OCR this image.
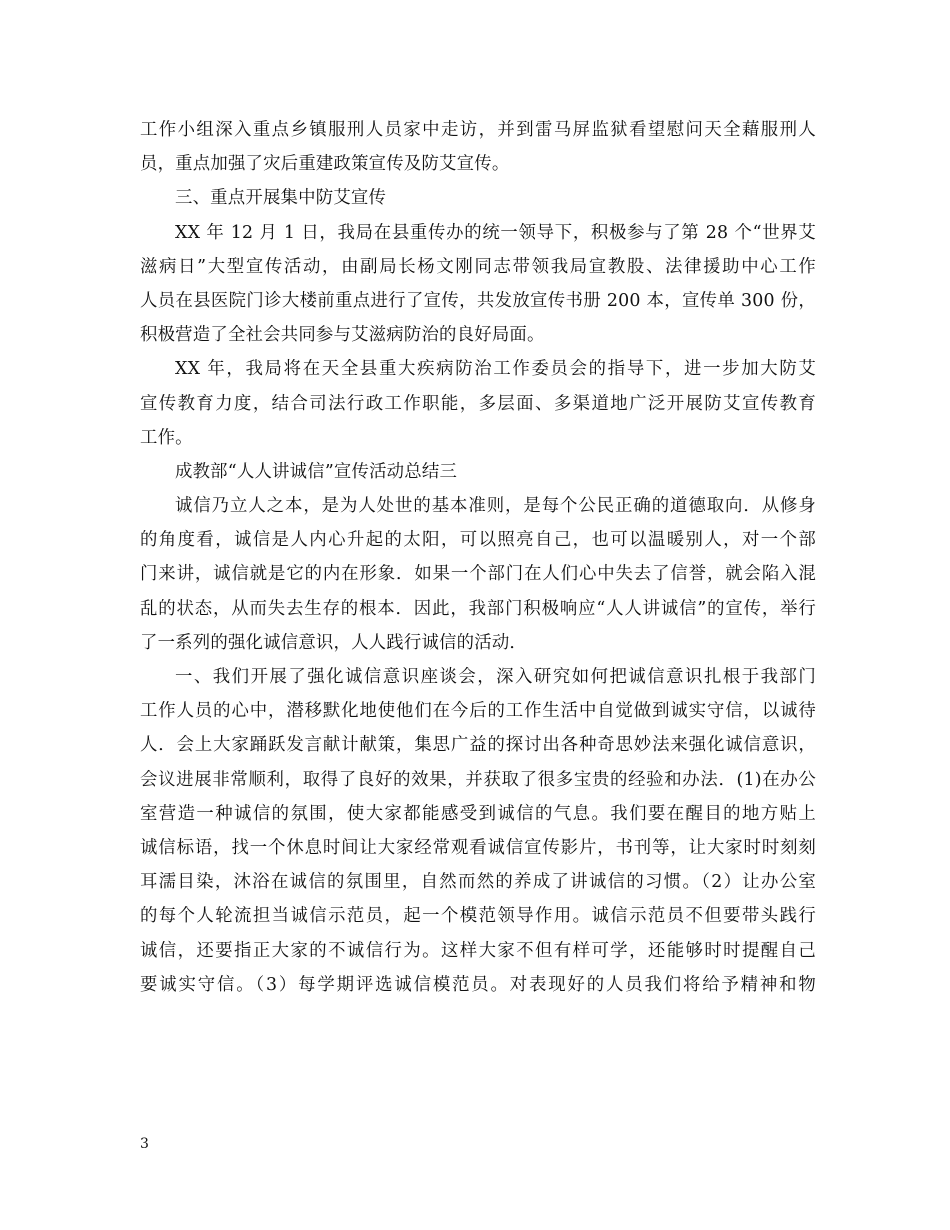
工作小组深入重点乡镇服刑人员家中走访，并到雷马屏监狱看望慰问天全藉服刑人
员，重点加强了灾后重建政策宣传及防艾宣传。
三、重点开展集中防艾宣传
XX 年 12 月 1 日，我局在县重传办的统一领导下，积极参与了第 28 个“世界艾
滋病日”大型宣传活动，由副局长杨文刚同志带领我局宣教股、法律援助中心工作
人员在县医院门诊大楼前重点进行了宣传，共发放宣传书册 200 本，宣传单 300 份，
积极营造了全社会共同参与艾滋病防治的良好局面。
XX 年，我局将在天全县重大疾病防治工作委员会的指导下，进一步加大防艾
宣传教育力度，结合司法行政工作职能，多层面、多渠道地广泛开展防艾宣传教育
工作。
成教部“人人讲诚信”宣传活动总结三
诚信乃立人之本，是为人处世的基本准则，是每个公民正确的道德取向．从修身
的角度看，诚信是人内心升起的太阳，可以照亮自己，也可以温暖别人，对一个部
门来讲，诚信就是它的内在形象．如果一个部门在人们心中失去了信誉，就会陷入混
乱的状态，从而失去生存的根本．因此，我部门积极响应“人人讲诚信”的宣传，举行
了一系列的强化诚信意识，人人践行诚信的活动．
一、我们开展了强化诚信意识座谈会，深入研究如何把诚信意识扎根于我部门
工作人员的心中，潜移默化地使他们在今后的工作生活中自觉做到诚实守信，以诚待
人．会上大家踊跃发言献计献策，集思广益的探讨出各种奇思妙法来强化诚信意识，
会议进展非常顺利，取得了良好的效果，并获取了很多宝贵的经验和办法．(1)在办公
室营造一种诚信的氛围，使大家都能感受到诚信的气息。我们要在醒目的地方贴上
诚信标语，找一个休息时间让大家经常观看诚信宣传影片，书刊等，让大家时时刻刻
耳濡目染，沐浴在诚信的氛围里，自然而然的养成了讲诚信的习惯。（2）让办公室
的每个人轮流担当诚信示范员，起一个模范领导作用。诚信示范员不但要带头践行
诚信，还要指正大家的不诚信行为。这样大家不但有样可学，还能够时时提醒自己
要诚实守信。（3）每学期评选诚信模范员。对表现好的人员我们将给予精神和物
3
